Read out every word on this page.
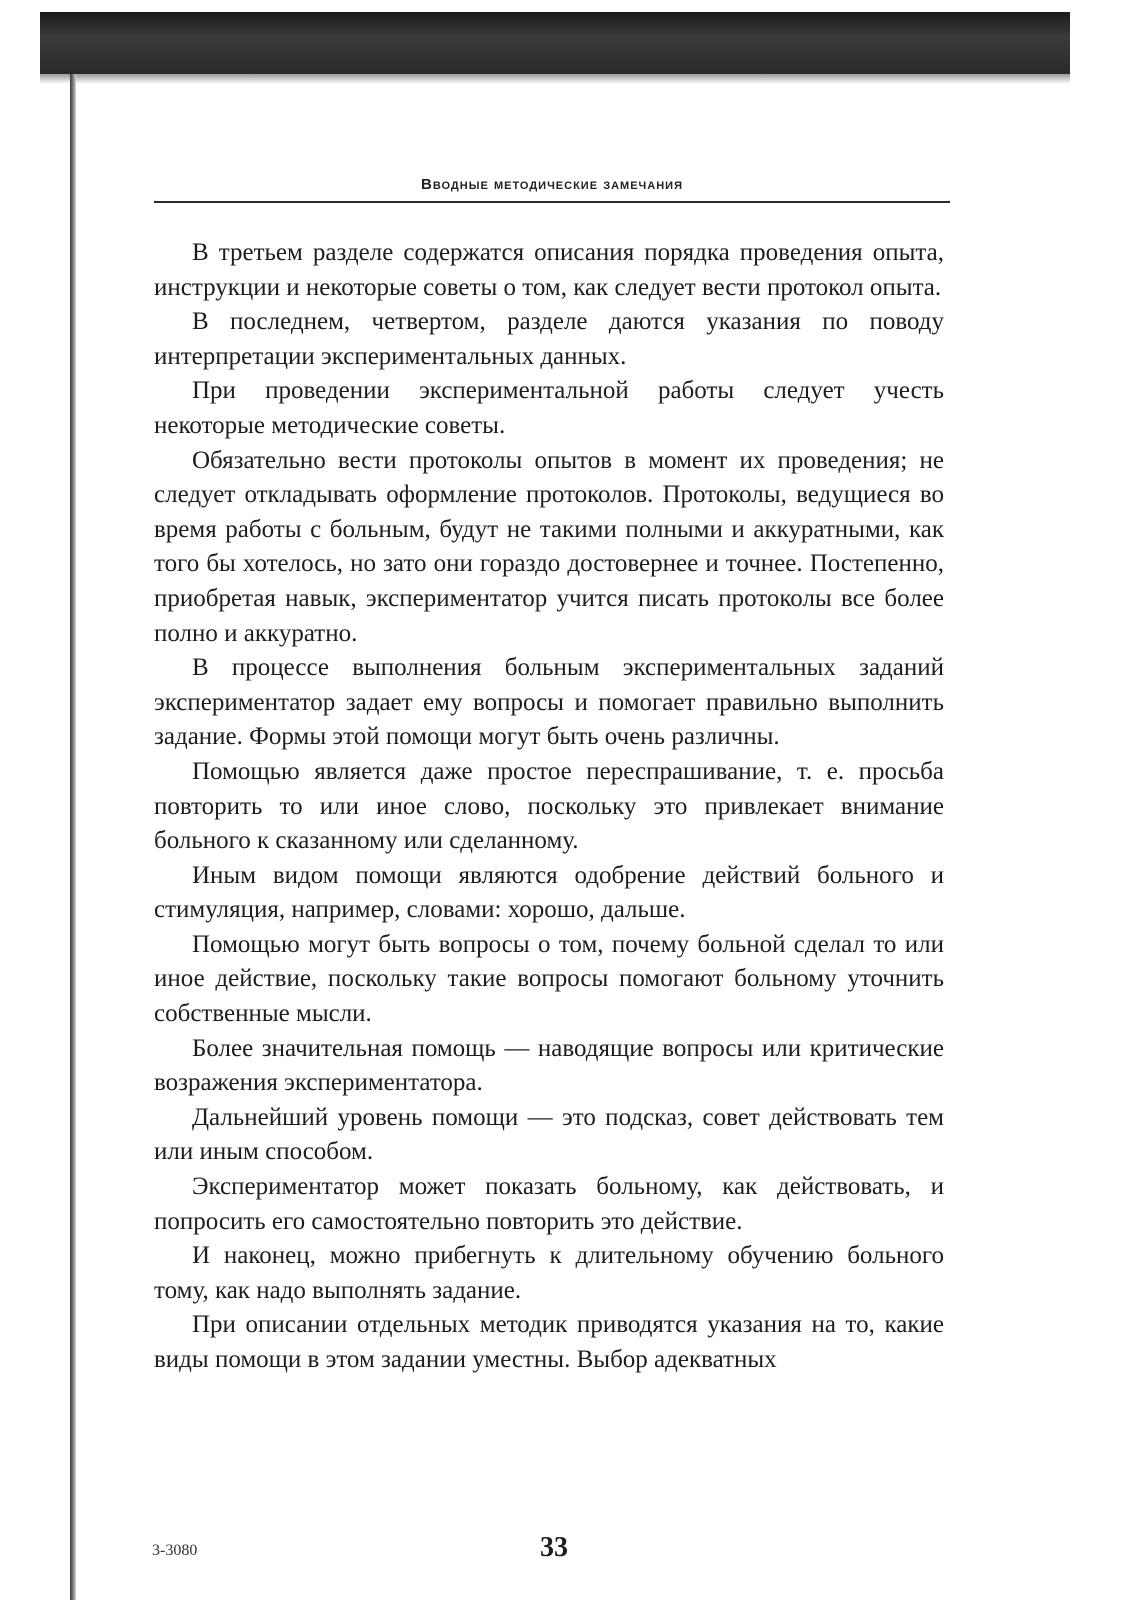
Вводные методические замечания

В третьем разделе содержатся описания порядка проведения опыта, инструкции и некоторые советы о том, как следует вести протокол опыта.

В последнем, четвертом, разделе даются указания по поводу интерпретации экспериментальных данных.

При проведении экспериментальной работы следует учесть некоторые методические советы.

Обязательно вести протоколы опытов в момент их проведения; не следует откладывать оформление протоколов. Протоколы, ведущиеся во время работы с больным, будут не такими полными и аккуратными, как того бы хотелось, но зато они гораздо достовернее и точнее. Постепенно, приобретая навык, экспериментатор учится писать протоколы все более полно и аккуратно.

В процессе выполнения больным экспериментальных заданий экспериментатор задает ему вопросы и помогает правильно выполнить задание. Формы этой помощи могут быть очень различны.

Помощью является даже простое переспрашивание, т. е. просьба повторить то или иное слово, поскольку это привлекает внимание больного к сказанному или сделанному.

Иным видом помощи являются одобрение действий больного и стимуляция, например, словами: хорошо, дальше.

Помощью могут быть вопросы о том, почему больной сделал то или иное действие, поскольку такие вопросы помогают больному уточнить собственные мысли.

Более значительная помощь — наводящие вопросы или критические возражения экспериментатора.

Дальнейший уровень помощи — это подсказ, совет действовать тем или иным способом.

Экспериментатор может показать больному, как действовать, и попросить его самостоятельно повторить это действие.

И наконец, можно прибегнуть к длительному обучению больного тому, как надо выполнять задание.

При описании отдельных методик приводятся указания на то, какие виды помощи в этом задании уместны. Выбор адекватных

3-3080	33
